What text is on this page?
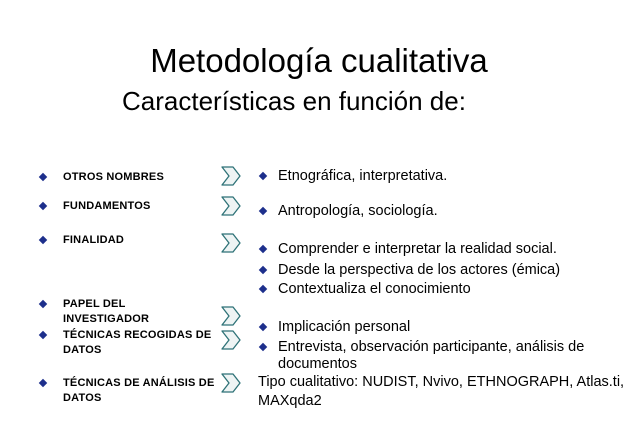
Metodología cualitativa
Características en función de:
OTROS NOMBRES
FUNDAMENTOS
FINALIDAD
PAPEL DEL INVESTIGADOR
TÉCNICAS RECOGIDAS DE DATOS
TÉCNICAS DE ANÁLISIS DE DATOS
Etnográfica, interpretativa.
Antropología, sociología.
Comprender e interpretar la realidad social.
Desde la perspectiva de los actores (émica)
Contextualiza el conocimiento
Implicación personal
Entrevista, observación participante, análisis de documentos
Tipo cualitativo: NUDIST, Nvivo, ETHNOGRAPH, Atlas.ti, MAXqda2
